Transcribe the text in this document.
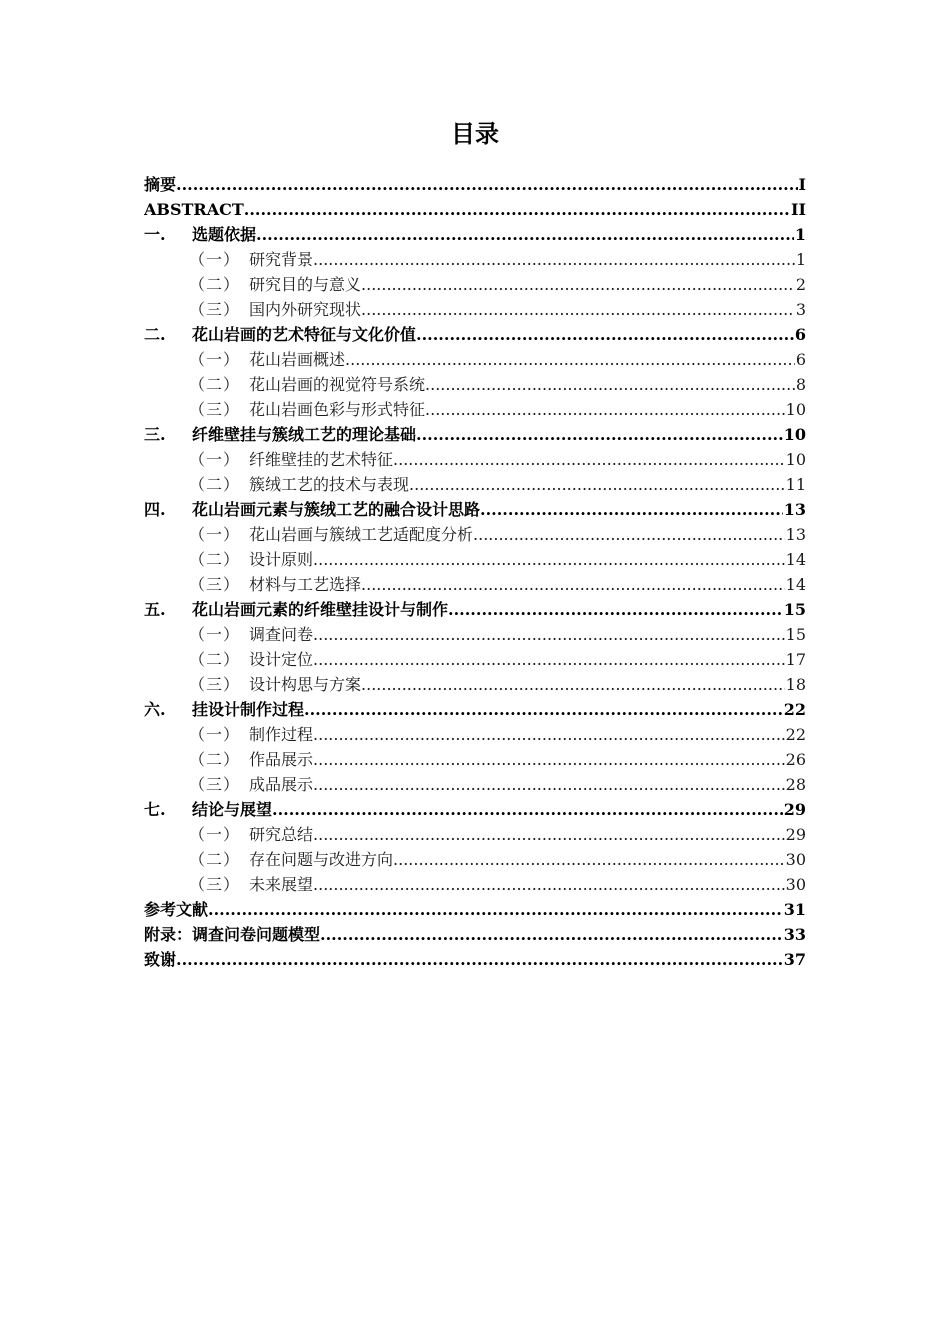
目录
摘要 .....	I
ABSTRACT .....	II
一.	选题依据 .....	1
（一） 研究背景 .....	1
（二） 研究目的与意义 .....	2
（三） 国内外研究现状 .....	3
二.	花山岩画的艺术特征与文化价值 .....	6
（一） 花山岩画概述 .....	6
（二） 花山岩画的视觉符号系统 .....	8
（三） 花山岩画色彩与形式特征 .....	10
三.	纤维壁挂与簇绒工艺的理论基础 .....	10
（一） 纤维壁挂的艺术特征 .....	10
（二） 簇绒工艺的技术与表现 .....	11
四.	花山岩画元素与簇绒工艺的融合设计思路 .....	13
（一） 花山岩画与簇绒工艺适配度分析 .....	13
（二） 设计原则 .....	14
（三） 材料与工艺选择 .....	14
五.	花山岩画元素的纤维壁挂设计与制作 .....	15
（一） 调查问卷 .....	15
（二） 设计定位 .....	17
（三） 设计构思与方案 .....	18
六.	挂设计制作过程 .....	22
（一） 制作过程 .....	22
（二） 作品展示 .....	26
（三） 成品展示 .....	28
七.	结论与展望 .....	29
（一） 研究总结 .....	29
（二） 存在问题与改进方向 .....	30
（三） 未来展望 .....	30
参考文献 .....	31
附录：调查问卷问题模型 .....	33
致谢 .....	37
